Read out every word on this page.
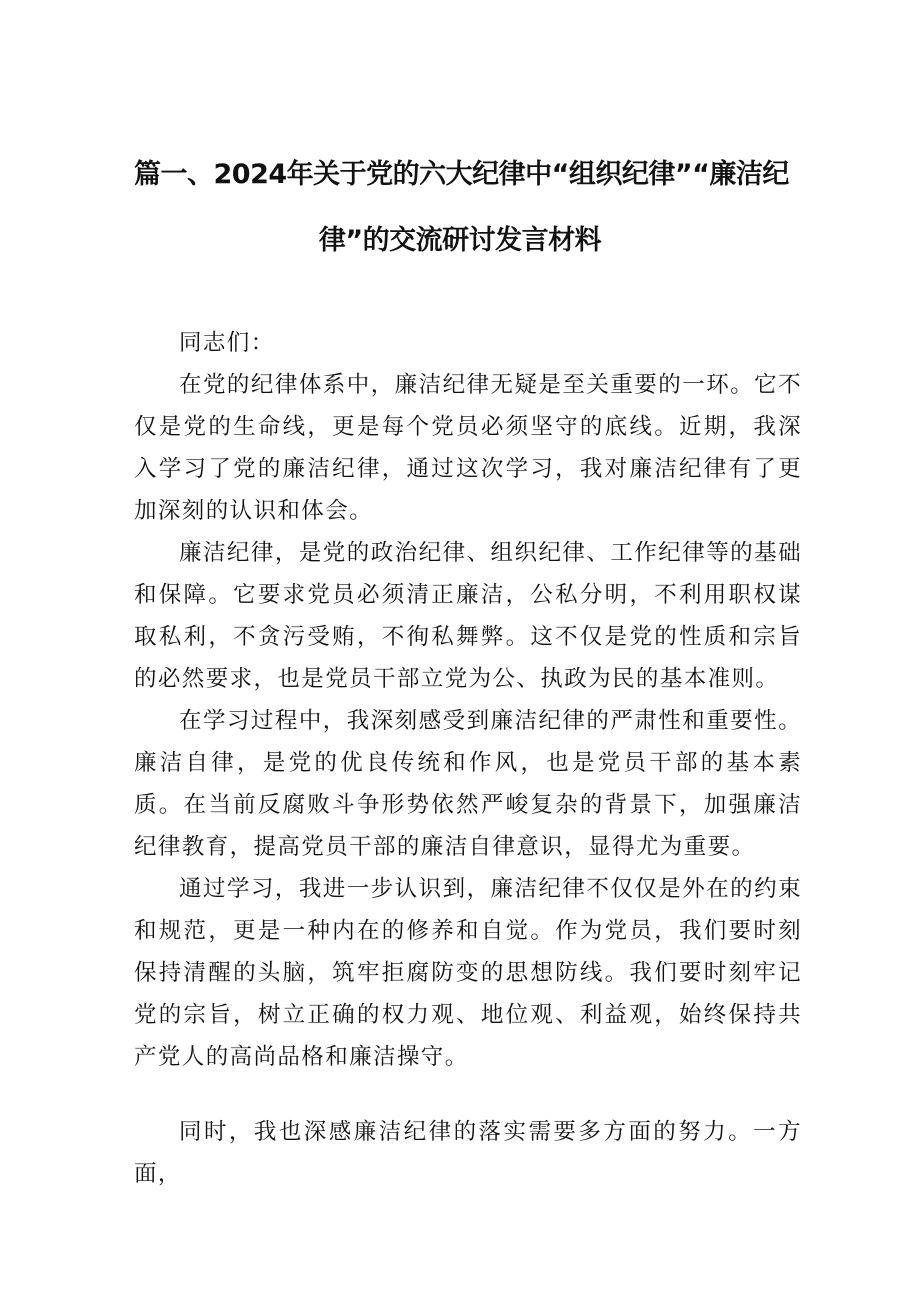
篇一、2024年关于党的六大纪律中“组织纪律”“廉洁纪
律”的交流研讨发言材料

同志们：

在党的纪律体系中，廉洁纪律无疑是至关重要的一环。它不仅是党的生命线，更是每个党员必须坚守的底线。近期，我深入学习了党的廉洁纪律，通过这次学习，我对廉洁纪律有了更加深刻的认识和体会。

廉洁纪律，是党的政治纪律、组织纪律、工作纪律等的基础和保障。它要求党员必须清正廉洁，公私分明，不利用职权谋取私利，不贪污受贿，不徇私舞弊。这不仅是党的性质和宗旨的必然要求，也是党员干部立党为公、执政为民的基本准则。

在学习过程中，我深刻感受到廉洁纪律的严肃性和重要性。廉洁自律，是党的优良传统和作风，也是党员干部的基本素质。在当前反腐败斗争形势依然严峻复杂的背景下，加强廉洁纪律教育，提高党员干部的廉洁自律意识，显得尤为重要。

通过学习，我进一步认识到，廉洁纪律不仅仅是外在的约束和规范，更是一种内在的修养和自觉。作为党员，我们要时刻保持清醒的头脑，筑牢拒腐防变的思想防线。我们要时刻牢记党的宗旨，树立正确的权力观、地位观、利益观，始终保持共产党人的高尚品格和廉洁操守。

同时，我也深感廉洁纪律的落实需要多方面的努力。一方面，
